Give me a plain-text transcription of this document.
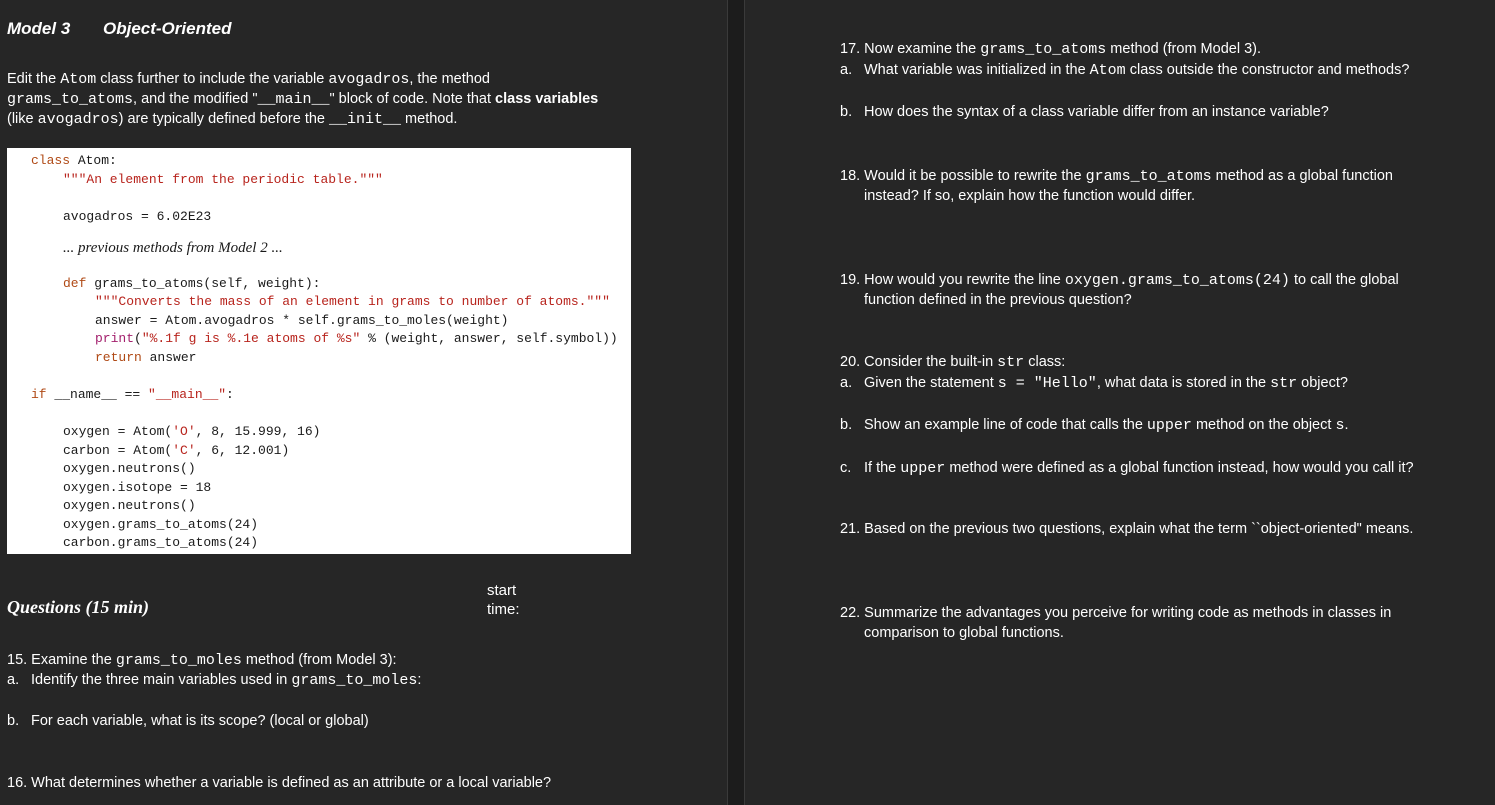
Model 3 Object-Oriented
Edit the Atom class further to include the variable avogadros, the method
grams_to_atoms, and the modified "__main__" block of code. Note that class variables
(like avogadros) are typically defined before the __init__ method.
class Atom:
"""An element from the periodic table."""
avogadros = 6.02E23
... previous methods from Model 2 ...
def grams_to_atoms(self, weight):
"""Converts the mass of an element in grams to number of atoms."""
answer = Atom.avogadros * self.grams_to_moles(weight)
print("%.1f g is %.1e atoms of %s" % (weight, answer, self.symbol))
return answer
if __name__ == "__main__":
oxygen = Atom('O', 8, 15.999, 16)
carbon = Atom('C', 6, 12.001)
oxygen.neutrons()
oxygen.isotope = 18
oxygen.neutrons()
oxygen.grams_to_atoms(24)
carbon.grams_to_atoms(24)
Questions (15 min)
start time:
15. Examine the grams_to_moles method (from Model 3):
a. Identify the three main variables used in grams_to_moles:
b. For each variable, what is its scope? (local or global)
16. What determines whether a variable is defined as an attribute or a local variable?
17. Now examine the grams_to_atoms method (from Model 3).
a. What variable was initialized in the Atom class outside the constructor and methods?
b. How does the syntax of a class variable differ from an instance variable?
18. Would it be possible to rewrite the grams_to_atoms method as a global function
instead? If so, explain how the function would differ.
19. How would you rewrite the line oxygen.grams_to_atoms(24) to call the global
function defined in the previous question?
20. Consider the built-in str class:
a. Given the statement s = "Hello", what data is stored in the str object?
b. Show an example line of code that calls the upper method on the object s.
c. If the upper method were defined as a global function instead, how would you call it?
21. Based on the previous two questions, explain what the term ``object-oriented" means.
22. Summarize the advantages you perceive for writing code as methods in classes in
comparison to global functions.
